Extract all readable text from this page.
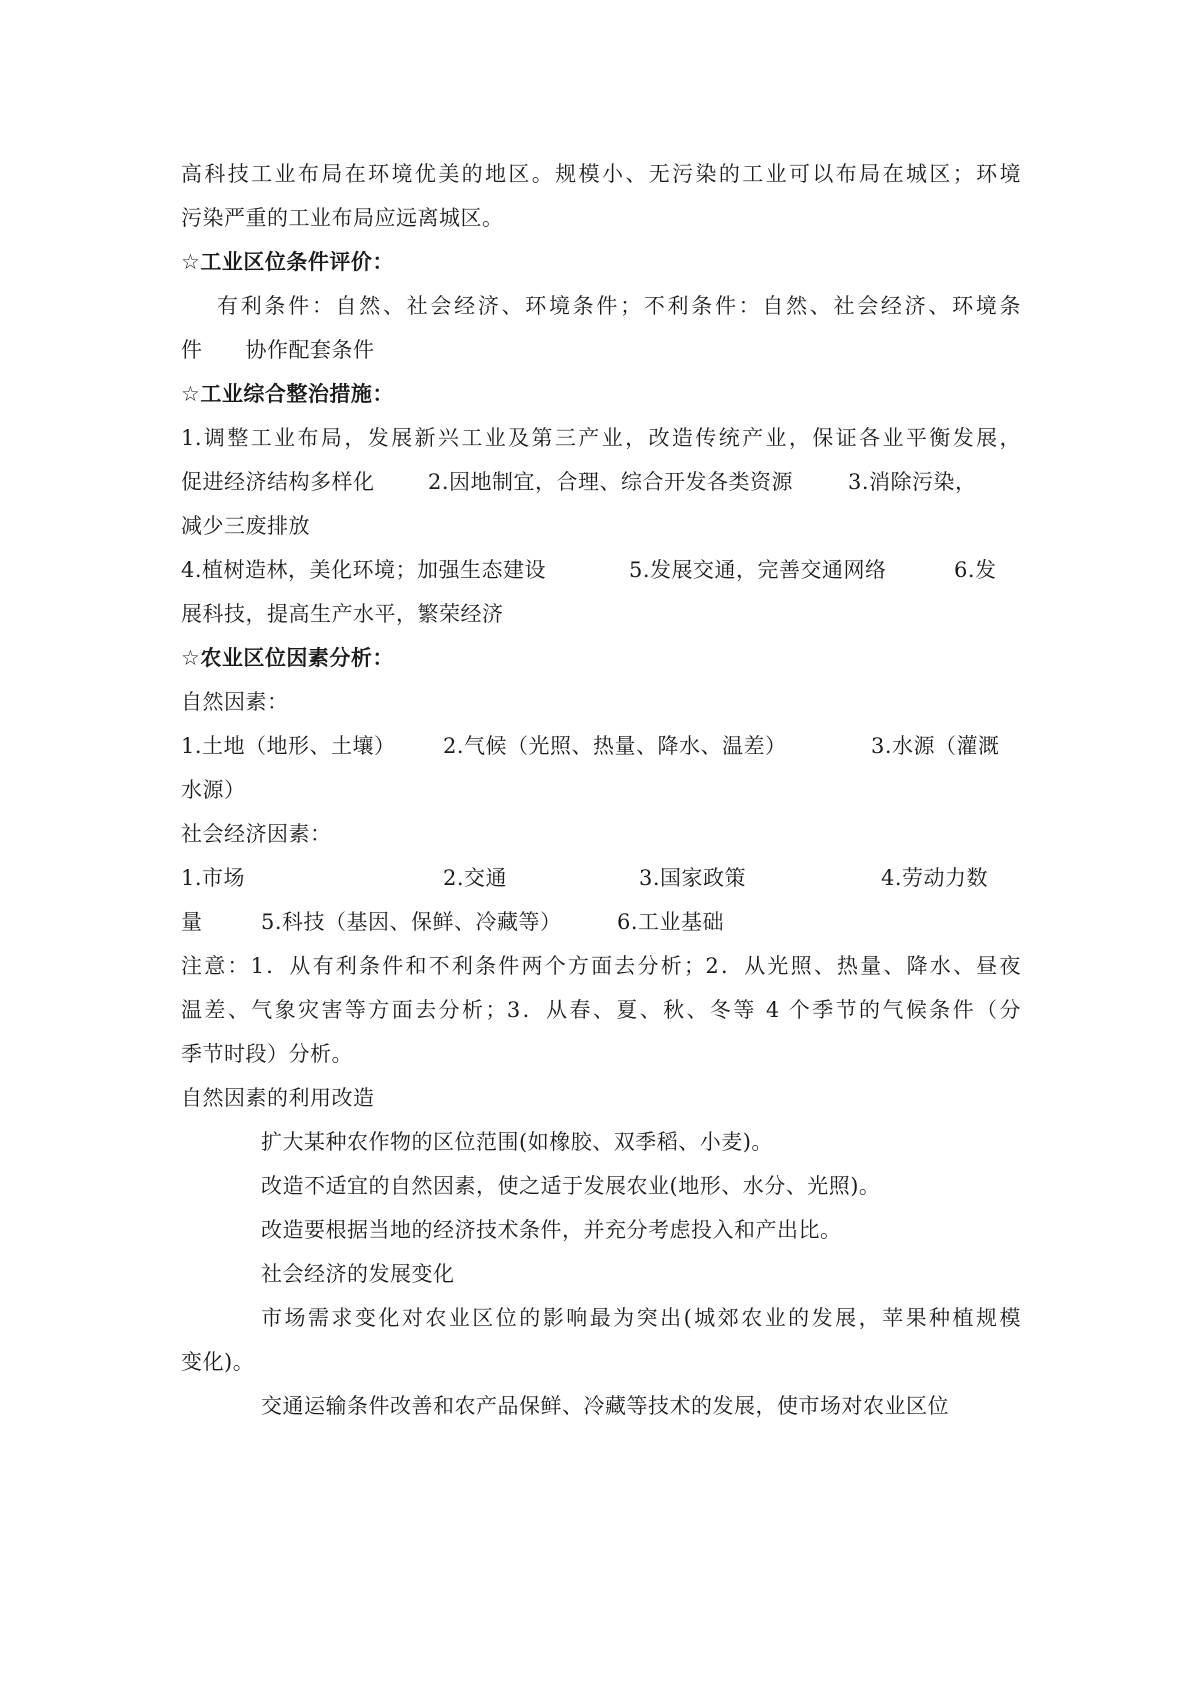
高科技工业布局在环境优美的地区。规模小、无污染的工业可以布局在城区；环境
污染严重的工业布局应远离城区。
☆工业区位条件评价：
有利条件：自然、社会经济、环境条件；不利条件：自然、社会经济、环境条
件　　协作配套条件
☆工业综合整治措施：
1.调整工业布局，发展新兴工业及第三产业，改造传统产业，保证各业平衡发展，
促进经济结构多样化	2.因地制宜，合理、综合开发各类资源	3.消除污染，
减少三废排放
4.植树造林，美化环境；加强生态建设	5.发展交通，完善交通网络	6.发
展科技，提高生产水平，繁荣经济
☆农业区位因素分析：
自然因素：
1.土地（地形、土壤）	2.气候（光照、热量、降水、温差）	3.水源（灌溉
水源）
社会经济因素：
1.市场	2.交通	3.国家政策	4.劳动力数
量	5.科技（基因、保鲜、冷藏等）	6.工业基础
注意：1．从有利条件和不利条件两个方面去分析；2．从光照、热量、降水、昼夜
温差、气象灾害等方面去分析；3．从春、夏、秋、冬等 4 个季节的气候条件（分
季节时段）分析。
自然因素的利用改造
扩大某种农作物的区位范围(如橡胶、双季稻、小麦)。
改造不适宜的自然因素，使之适于发展农业(地形、水分、光照)。
改造要根据当地的经济技术条件，并充分考虑投入和产出比。
社会经济的发展变化
市场需求变化对农业区位的影响最为突出(城郊农业的发展，苹果种植规模
变化)。
交通运输条件改善和农产品保鲜、冷藏等技术的发展，使市场对农业区位
